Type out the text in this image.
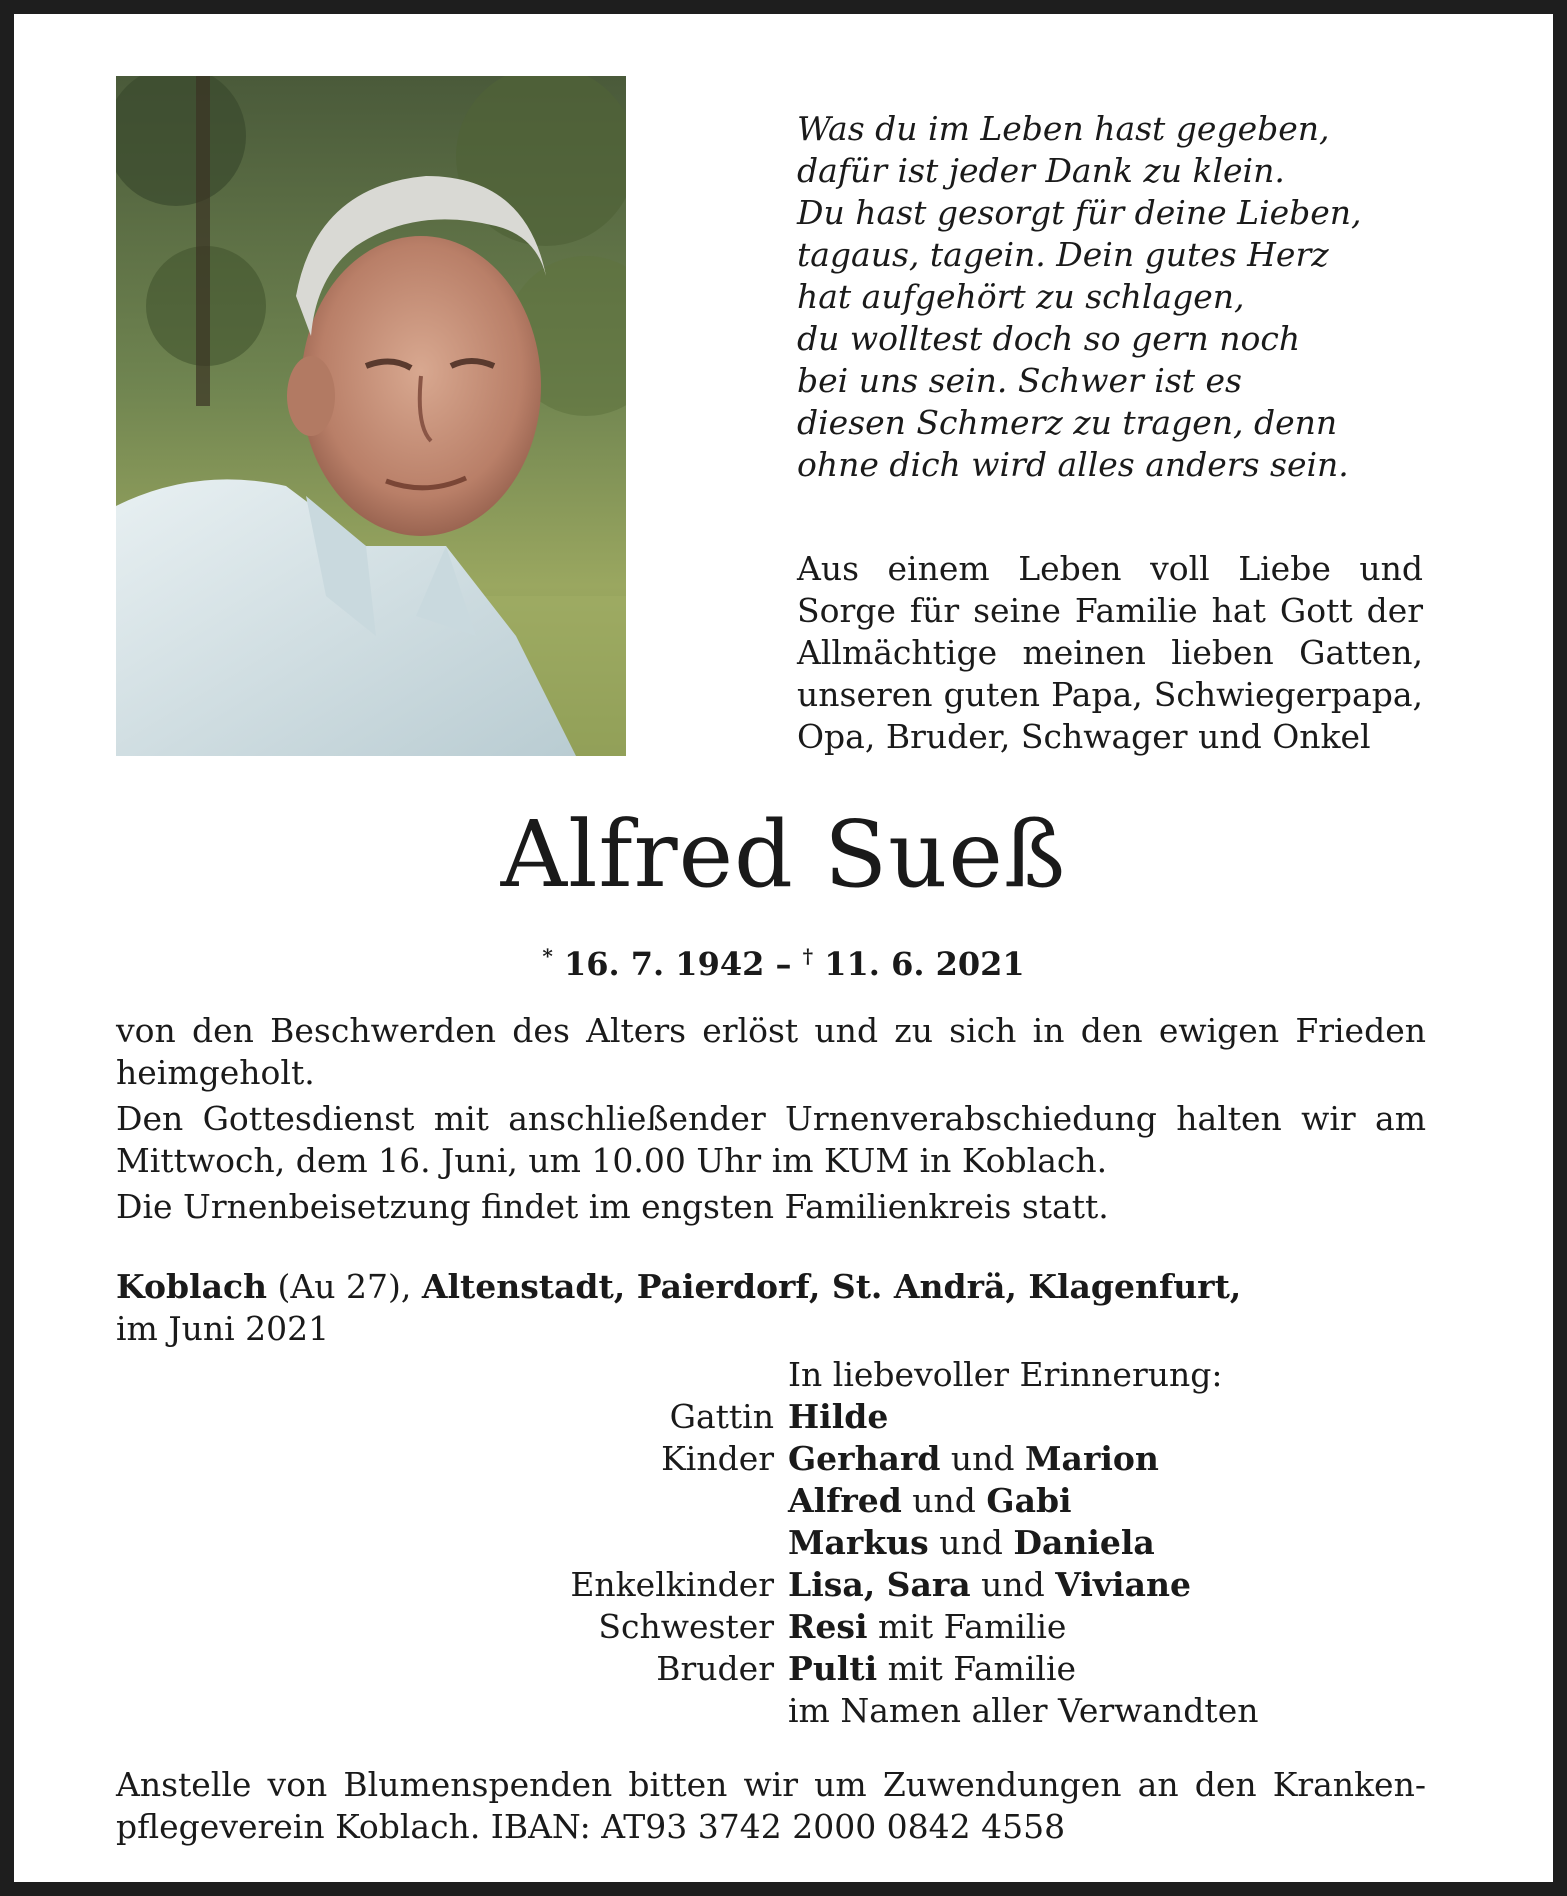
Was du im Leben hast gegeben,
dafür ist jeder Dank zu klein.
Du hast gesorgt für deine Lieben,
tagaus, tagein. Dein gutes Herz
hat aufgehört zu schlagen,
du wolltest doch so gern noch
bei uns sein. Schwer ist es
diesen Schmerz zu tragen, denn
ohne dich wird alles anders sein.
Aus einem Leben voll Liebe und
Sorge für seine Familie hat Gott der
Allmächtige meinen lieben Gatten,
unseren guten Papa, Schwiegerpapa,
Opa, Bruder, Schwager und Onkel
Alfred Sueß
* 16. 7. 1942 – † 11. 6. 2021

von den Beschwerden des Alters erlöst und zu sich in den ewigen Frieden
heimgeholt.

Den Gottesdienst mit anschließender Urnenverabschiedung halten wir am
Mittwoch, dem 16. Juni, um 10.00 Uhr im KUM in Koblach.

Die Urnenbeisetzung findet im engsten Familienkreis statt.

Koblach (Au 27), Altenstadt, Paierdorf, St. Andrä, Klagenfurt,
im Juni 2021
In liebevoller Erinnerung:
Gattin Hilde
Kinder Gerhard und Marion
Alfred und Gabi
Markus und Daniela
Enkelkinder Lisa, Sara und Viviane
Schwester Resi mit Familie
Bruder Pulti mit Familie
im Namen aller Verwandten
Anstelle von Blumenspenden bitten wir um Zuwendungen an den Kranken-
pflegeverein Koblach. IBAN: AT93 3742 2000 0842 4558
